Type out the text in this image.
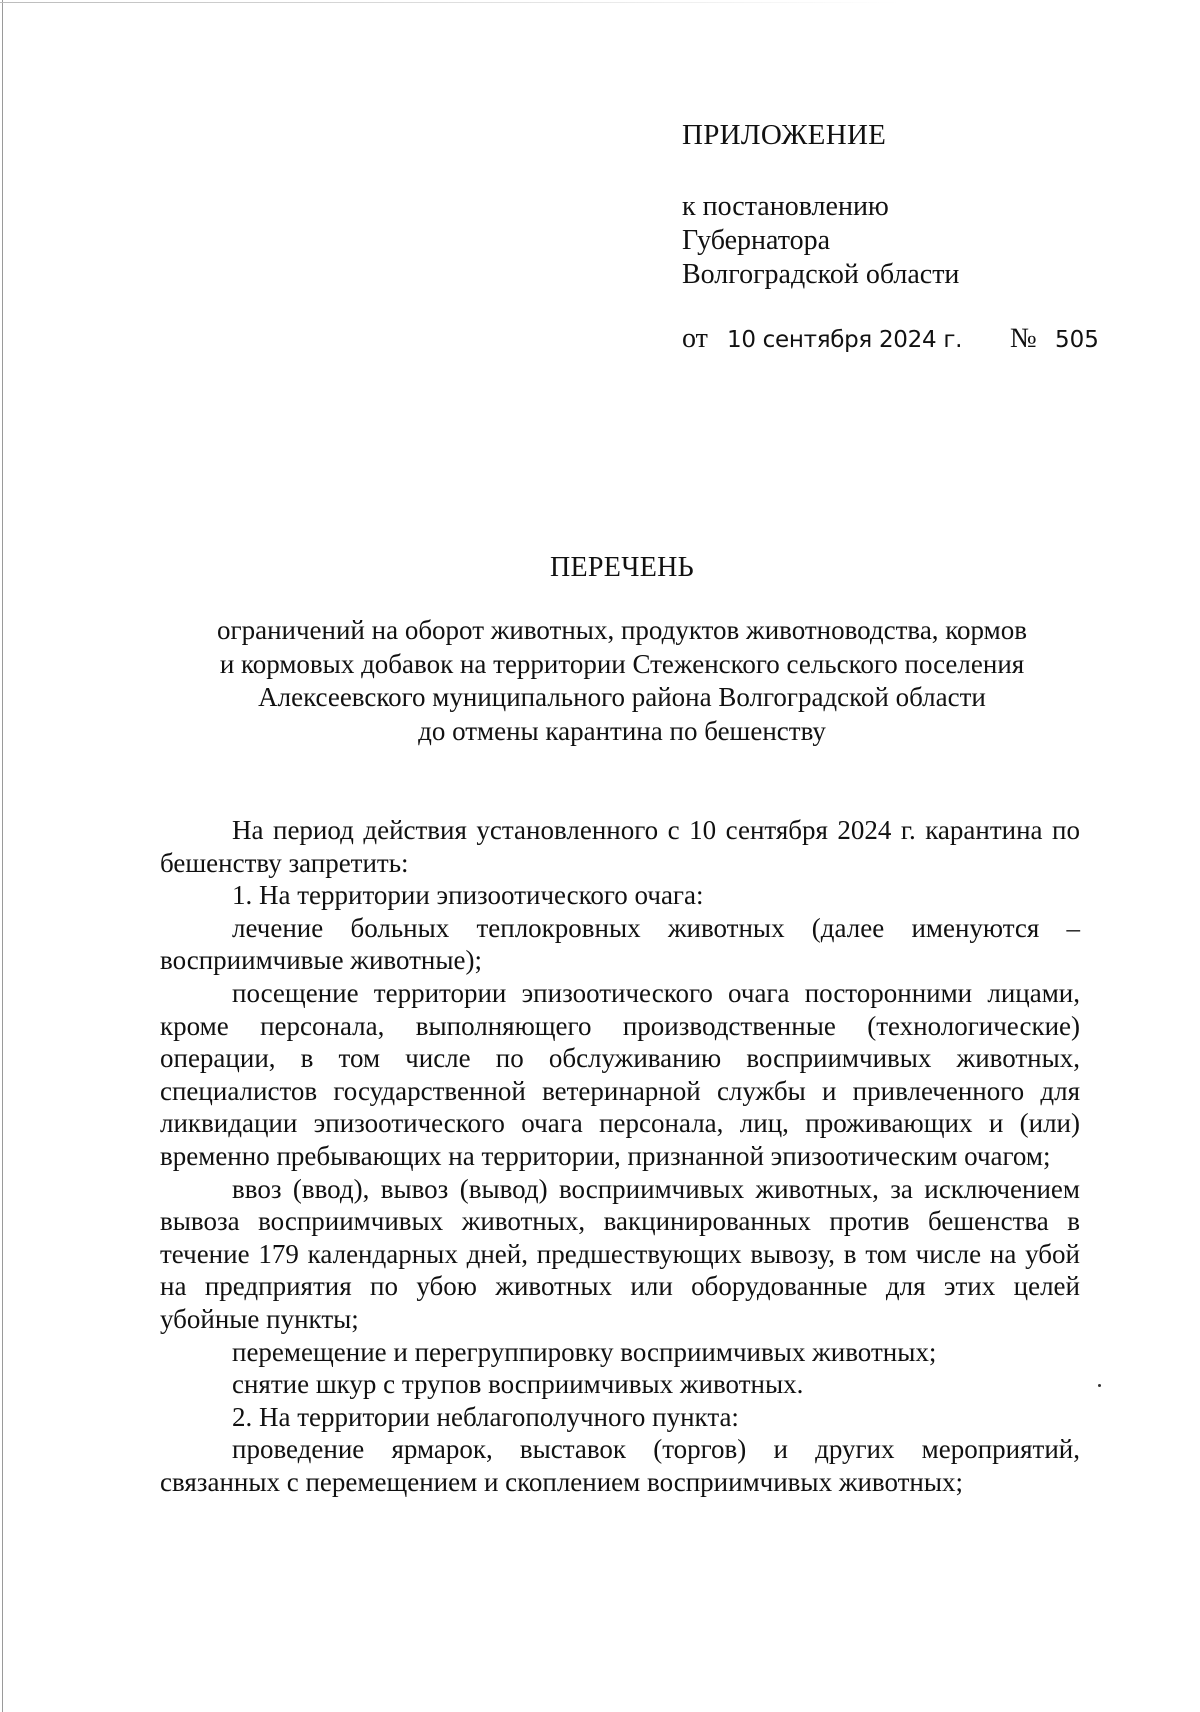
ПРИЛОЖЕНИЕ
к постановлению
Губернатора
Волгоградской области
от 10 сентября 2024 г. № 505
ПЕРЕЧЕНЬ
ограничений на оборот животных, продуктов животноводства, кормов
и кормовых добавок на территории Стеженского сельского поселения
Алексеевского муниципального района Волгоградской области
до отмены карантина по бешенству

На период действия установленного с 10 сентября 2024 г. карантина по бешенству запретить:

1. На территории эпизоотического очага:

лечение больных теплокровных животных (далее именуются – восприимчивые животные);

посещение территории эпизоотического очага посторонними лицами, кроме персонала, выполняющего производственные (технологические) операции, в том числе по обслуживанию восприимчивых животных, специалистов государственной ветеринарной службы и привлеченного для ликвидации эпизоотического очага персонала, лиц, проживающих и (или) временно пребывающих на территории, признанной эпизоотическим очагом;

ввоз (ввод), вывоз (вывод) восприимчивых животных, за исключением вывоза восприимчивых животных, вакцинированных против бешенства в течение 179 календарных дней, предшествующих вывозу, в том числе на убой на предприятия по убою животных или оборудованные для этих целей убойные пункты;

перемещение и перегруппировку восприимчивых животных;

снятие шкур с трупов восприимчивых животных.

2. На территории неблагополучного пункта:

проведение ярмарок, выставок (торгов) и других мероприятий, связанных с перемещением и скоплением восприимчивых животных;
